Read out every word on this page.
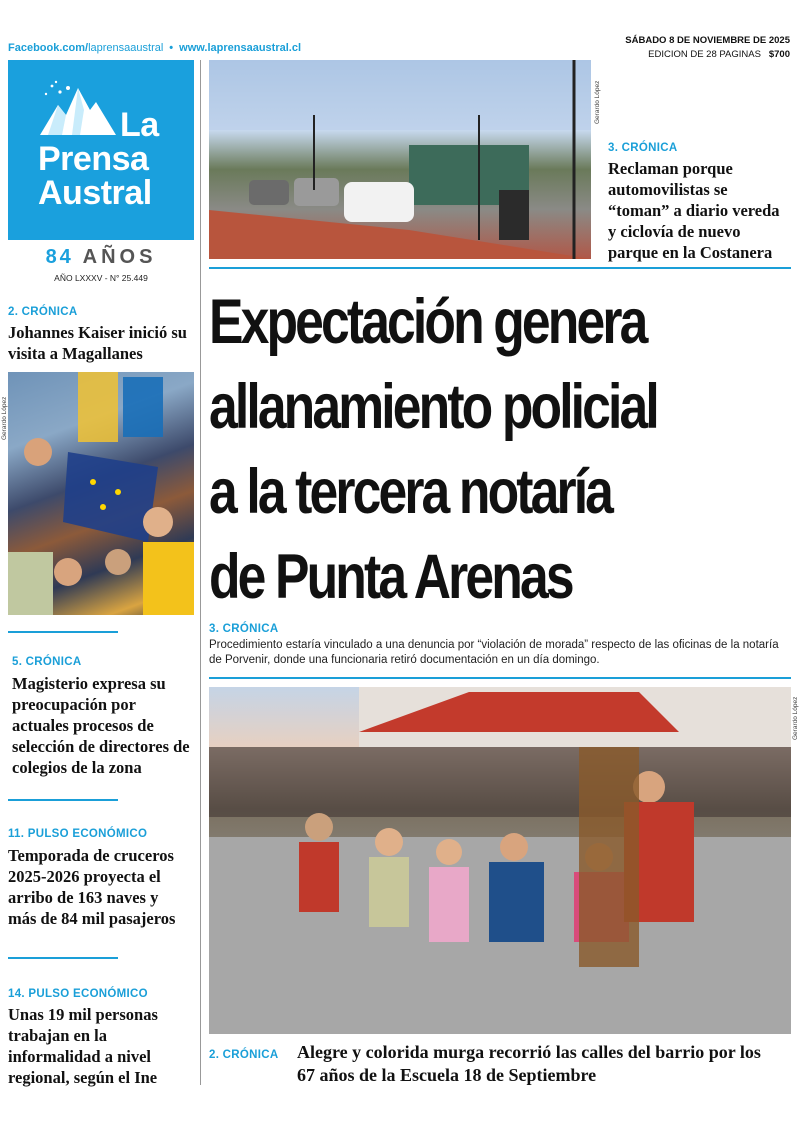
Facebook.com/laprensaaustral • www.laprensaaustral.cl
SÁBADO 8 DE NOVIEMBRE DE 2025
EDICION DE 28 PAGINAS $700
La
Prensa
Austral
84 AÑOS
AÑO LXXXV - N° 25.449
2. CRÓNICA
Johannes Kaiser inició su visita a Magallanes
Gerardo López
5. CRÓNICA
Magisterio expresa su preocupación por actuales procesos de selección de directores de colegios de la zona
11. PULSO ECONÓMICO
Temporada de cruceros 2025-2026 proyecta el arribo de 163 naves y más de 84 mil pasajeros
14. PULSO ECONÓMICO
Unas 19 mil personas trabajan en la informalidad a nivel regional, según el Ine
Gerardo López
3. CRÓNICA
Reclaman porque automovilistas se “toman” a diario vereda y ciclovía de nuevo parque en la Costanera
Expectación genera
allanamiento policial
a la tercera notaría
de Punta Arenas
3. CRÓNICA
Procedimiento estaría vinculado a una denuncia por “violación de morada” respecto de las oficinas de la notaría de Porvenir, donde una funcionaria retiró documentación en un día domingo.
Gerardo López
2. CRÓNICA Alegre y colorida murga recorrió las calles del barrio por los 67 años de la Escuela 18 de Septiembre
